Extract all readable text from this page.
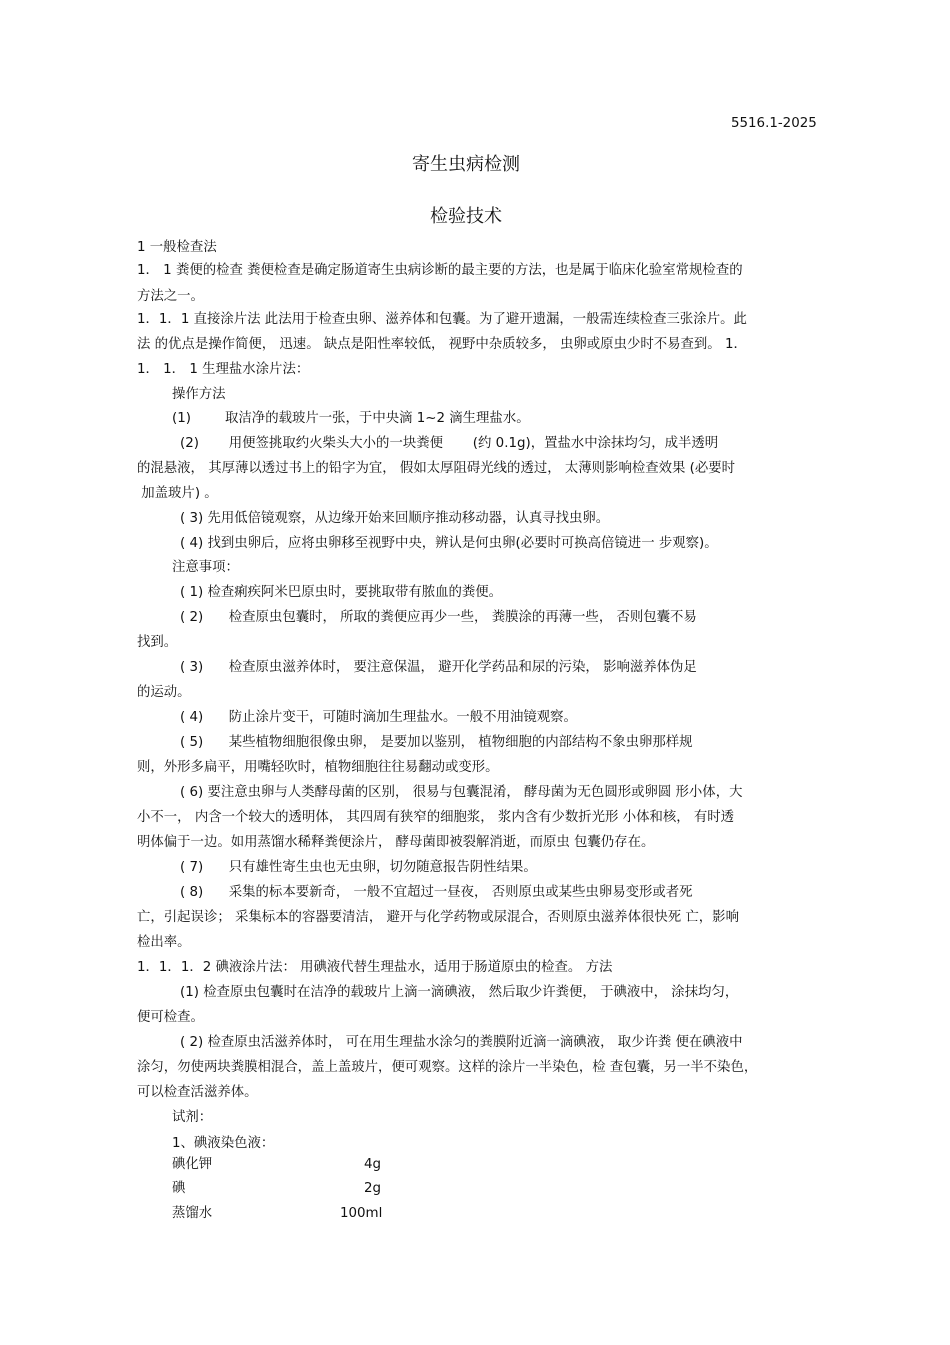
5516.1-2025
寄生虫病检测
检验技术
1 一般检查法
1． 1 粪便的检查 粪便检查是确定肠道寄生虫病诊断的最主要的方法，也是属于临床化验室常规检查的
方法之一。
1．1．1 直接涂片法 此法用于检查虫卵、滋养体和包囊。为了避开遗漏，一般需连续检查三张涂片。此
法 的优点是操作简便， 迅速。 缺点是阳性率较低， 视野中杂质较多， 虫卵或原虫少时不易查到。 1．
1． 1． 1 生理盐水涂片法：
操作方法
(1)        取洁净的载玻片一张，于中央滴 1~2 滴生理盐水。
(2)       用便签挑取约火柴头大小的一块粪便       (约 0.1g)，置盐水中涂抹均匀，成半透明
的混悬液， 其厚薄以透过书上的铅字为宜， 假如太厚阻碍光线的透过， 太薄则影响检查效果 (必要时
加盖玻片) 。
( 3) 先用低倍镜观察，从边缘开始来回顺序推动移动器，认真寻找虫卵。
( 4) 找到虫卵后，应将虫卵移至视野中央，辨认是何虫卵(必要时可换高倍镜进一 步观察)。
注意事项：
( 1) 检查痢疾阿米巴原虫时，要挑取带有脓血的粪便。
( 2)      检查原虫包囊时， 所取的粪便应再少一些， 粪膜涂的再薄一些， 否则包囊不易
找到。
( 3)      检查原虫滋养体时， 要注意保温， 避开化学药品和尿的污染， 影响滋养体伪足
的运动。
( 4)      防止涂片变干，可随时滴加生理盐水。一般不用油镜观察。
( 5)      某些植物细胞很像虫卵， 是要加以鉴别， 植物细胞的内部结构不象虫卵那样规
则，外形多扁平，用嘴轻吹时，植物细胞往往易翻动或变形。
( 6) 要注意虫卵与人类酵母菌的区别， 很易与包囊混淆， 酵母菌为无色圆形或卵圆 形小体，大
小不一， 内含一个较大的透明体， 其四周有狭窄的细胞浆， 浆内含有少数折光形 小体和核， 有时透
明体偏于一边。如用蒸馏水稀释粪便涂片， 酵母菌即被裂解消逝，而原虫 包囊仍存在。
( 7)      只有雄性寄生虫也无虫卵，切勿随意报告阴性结果。
( 8)      采集的标本要新奇， 一般不宜超过一昼夜， 否则原虫或某些虫卵易变形或者死
亡，引起误诊； 采集标本的容器要清洁， 避开与化学药物或尿混合，否则原虫滋养体很快死 亡，影响
检出率。
1．1．1．2 碘液涂片法： 用碘液代替生理盐水，适用于肠道原虫的检查。 方法
(1) 检查原虫包囊时在洁净的载玻片上滴一滴碘液， 然后取少许粪便， 于碘液中， 涂抹均匀，
便可检查。
( 2) 检查原虫活滋养体时， 可在用生理盐水涂匀的粪膜附近滴一滴碘液， 取少许粪 便在碘液中
涂匀，勿使两块粪膜相混合，盖上盖玻片，便可观察。这样的涂片一半染色，检 查包囊，另一半不染色，
可以检查活滋养体。
试剂：
1、碘液染色液：
碘化钾	4g
碘	2g
蒸馏水	100ml
